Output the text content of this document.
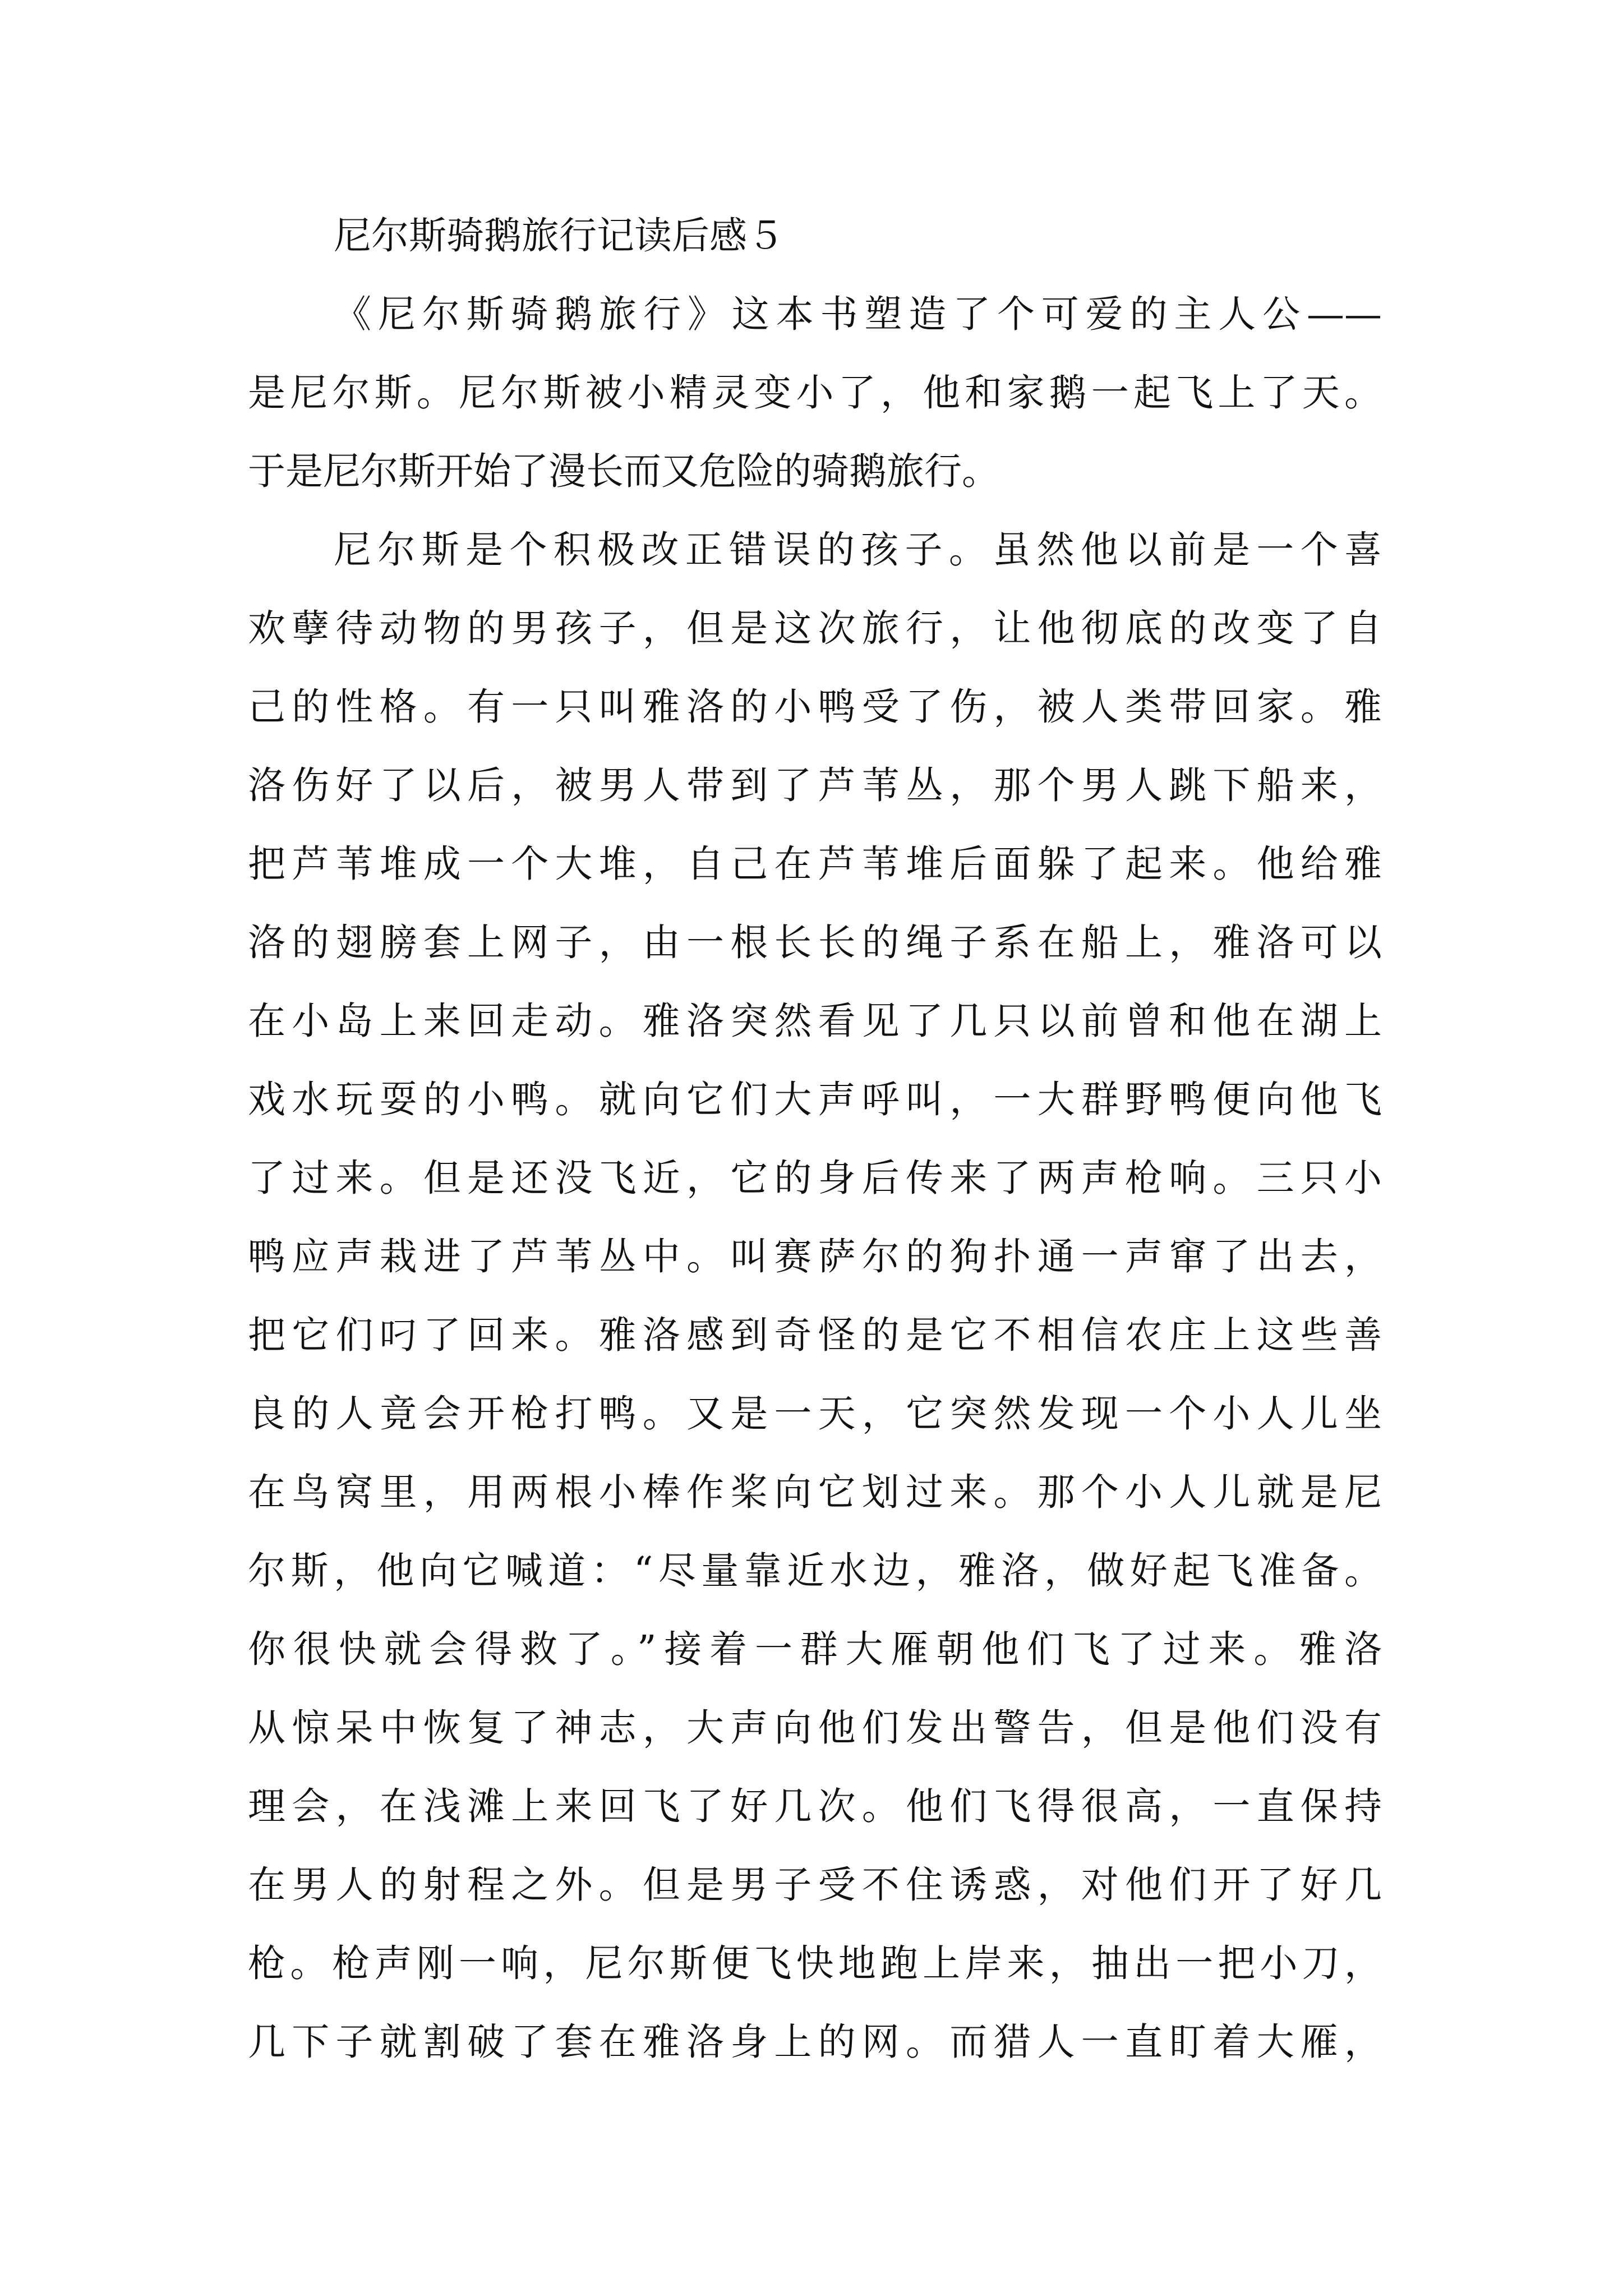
尼尔斯骑鹅旅行记读后感５
《尼尔斯骑鹅旅行》这本书塑造了个可爱的主人公——
是尼尔斯。尼尔斯被小精灵变小了，他和家鹅一起飞上了天。
于是尼尔斯开始了漫长而又危险的骑鹅旅行。
尼尔斯是个积极改正错误的孩子。虽然他以前是一个喜
欢孽待动物的男孩子，但是这次旅行，让他彻底的改变了自
己的性格。有一只叫雅洛的小鸭受了伤，被人类带回家。雅
洛伤好了以后，被男人带到了芦苇丛，那个男人跳下船来，
把芦苇堆成一个大堆，自己在芦苇堆后面躲了起来。他给雅
洛的翅膀套上网子，由一根长长的绳子系在船上，雅洛可以
在小岛上来回走动。雅洛突然看见了几只以前曾和他在湖上
戏水玩耍的小鸭。就向它们大声呼叫，一大群野鸭便向他飞
了过来。但是还没飞近，它的身后传来了两声枪响。三只小
鸭应声栽进了芦苇丛中。叫赛萨尔的狗扑通一声窜了出去，
把它们叼了回来。雅洛感到奇怪的是它不相信农庄上这些善
良的人竟会开枪打鸭。又是一天，它突然发现一个小人儿坐
在鸟窝里，用两根小棒作桨向它划过来。那个小人儿就是尼
尔斯，他向它喊道：“尽量靠近水边，雅洛，做好起飞准备。
你很快就会得救了。”接着一群大雁朝他们飞了过来。雅洛
从惊呆中恢复了神志，大声向他们发出警告，但是他们没有
理会，在浅滩上来回飞了好几次。他们飞得很高，一直保持
在男人的射程之外。但是男子受不住诱惑，对他们开了好几
枪。枪声刚一响，尼尔斯便飞快地跑上岸来，抽出一把小刀，
几下子就割破了套在雅洛身上的网。而猎人一直盯着大雁，
